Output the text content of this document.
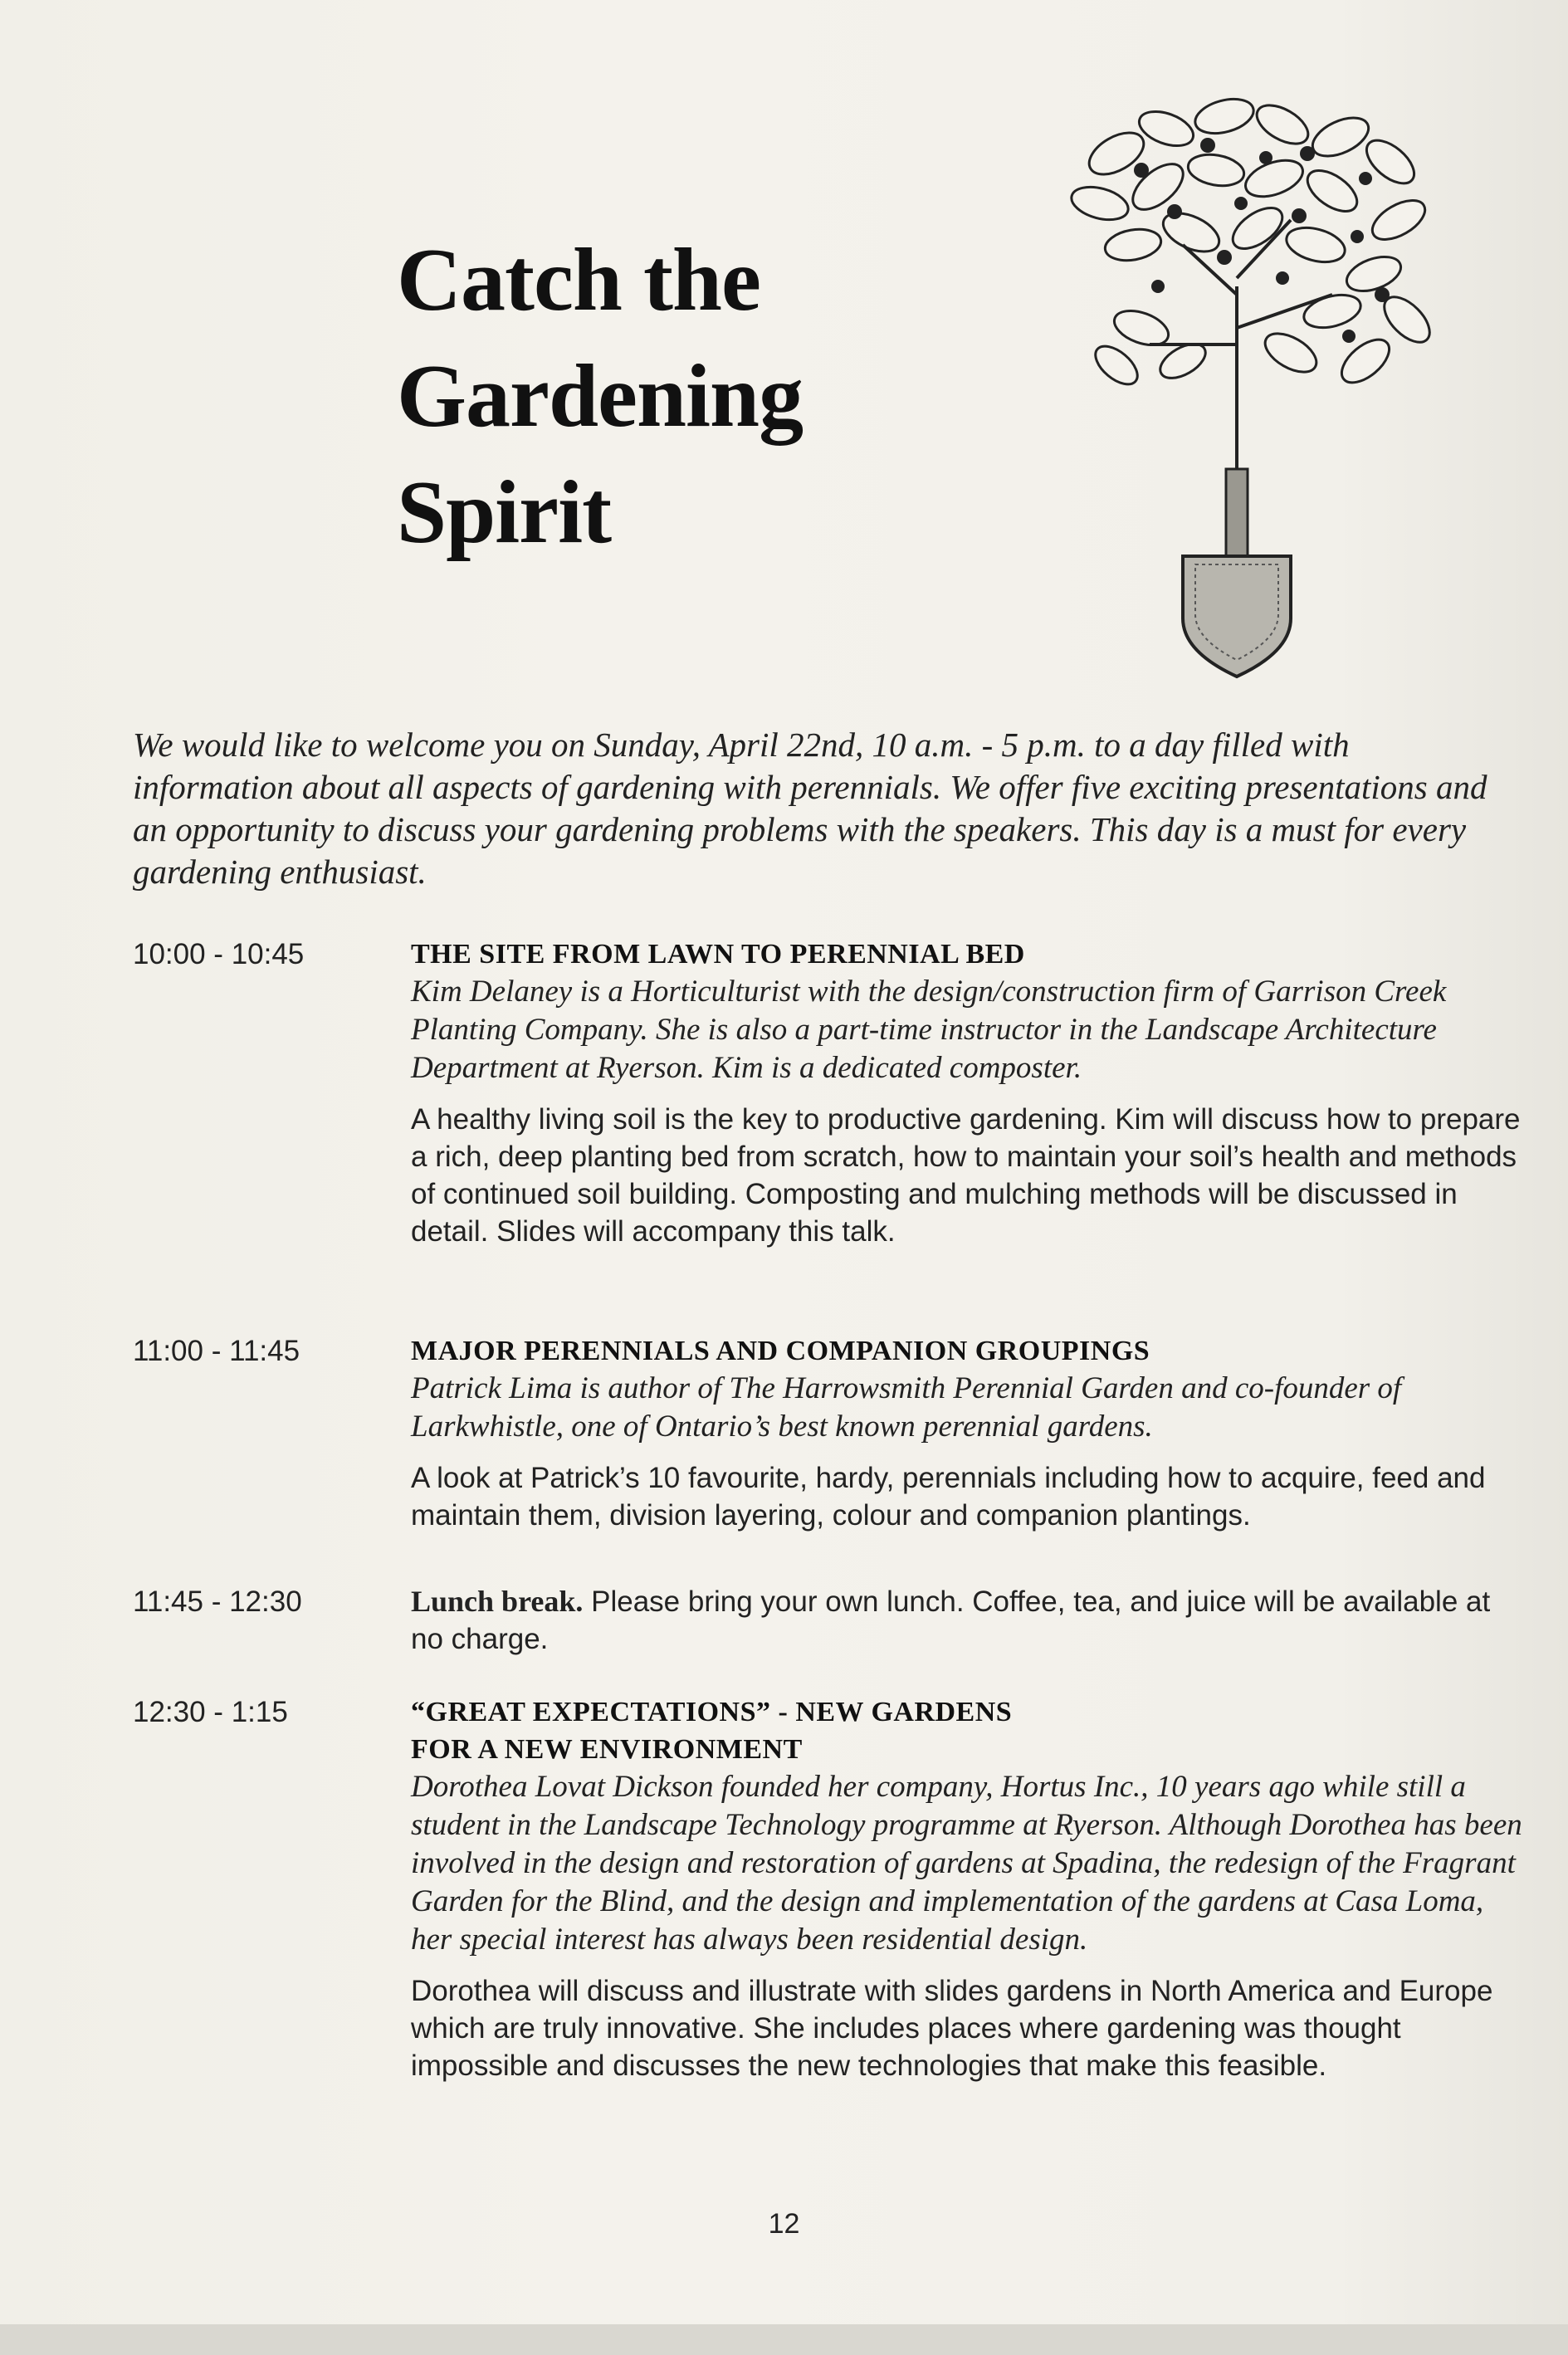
Catch the
Gardening
Spirit
We would like to welcome you on Sunday, April 22nd, 10 a.m. - 5 p.m. to a day filled with information about all aspects of gardening with perennials. We offer five exciting presentations and an opportunity to discuss your gardening problems with the speakers. This day is a must for every gardening enthusiast.
10:00 - 10:45	THE SITE FROM LAWN TO PERENNIAL BED
Kim Delaney is a Horticulturist with the design/construction firm of Garrison Creek Planting Company. She is also a part-time instructor in the Landscape Architecture Department at Ryerson. Kim is a dedicated composter.
A healthy living soil is the key to productive gardening. Kim will discuss how to prepare a rich, deep planting bed from scratch, how to maintain your soil’s health and methods of continued soil building. Composting and mulching methods will be discussed in detail. Slides will accompany this talk.
11:00 - 11:45	MAJOR PERENNIALS AND COMPANION GROUPINGS
Patrick Lima is author of The Harrowsmith Perennial Garden and co-founder of Larkwhistle, one of Ontario’s best known perennial gardens.
A look at Patrick’s 10 favourite, hardy, perennials including how to acquire, feed and maintain them, division layering, colour and companion plantings.
11:45 - 12:30	Lunch break. Please bring your own lunch. Coffee, tea, and juice will be available at no charge.
12:30 - 1:15	“GREAT EXPECTATIONS” - NEW GARDENS
FOR A NEW ENVIRONMENT
Dorothea Lovat Dickson founded her company, Hortus Inc., 10 years ago while still a student in the Landscape Technology programme at Ryerson. Although Dorothea has been involved in the design and restoration of gardens at Spadina, the redesign of the Fragrant Garden for the Blind, and the design and implementation of the gardens at Casa Loma, her special interest has always been residential design.
Dorothea will discuss and illustrate with slides gardens in North America and Europe which are truly innovative. She includes places where gardening was thought impossible and discusses the new technologies that make this feasible.
12
